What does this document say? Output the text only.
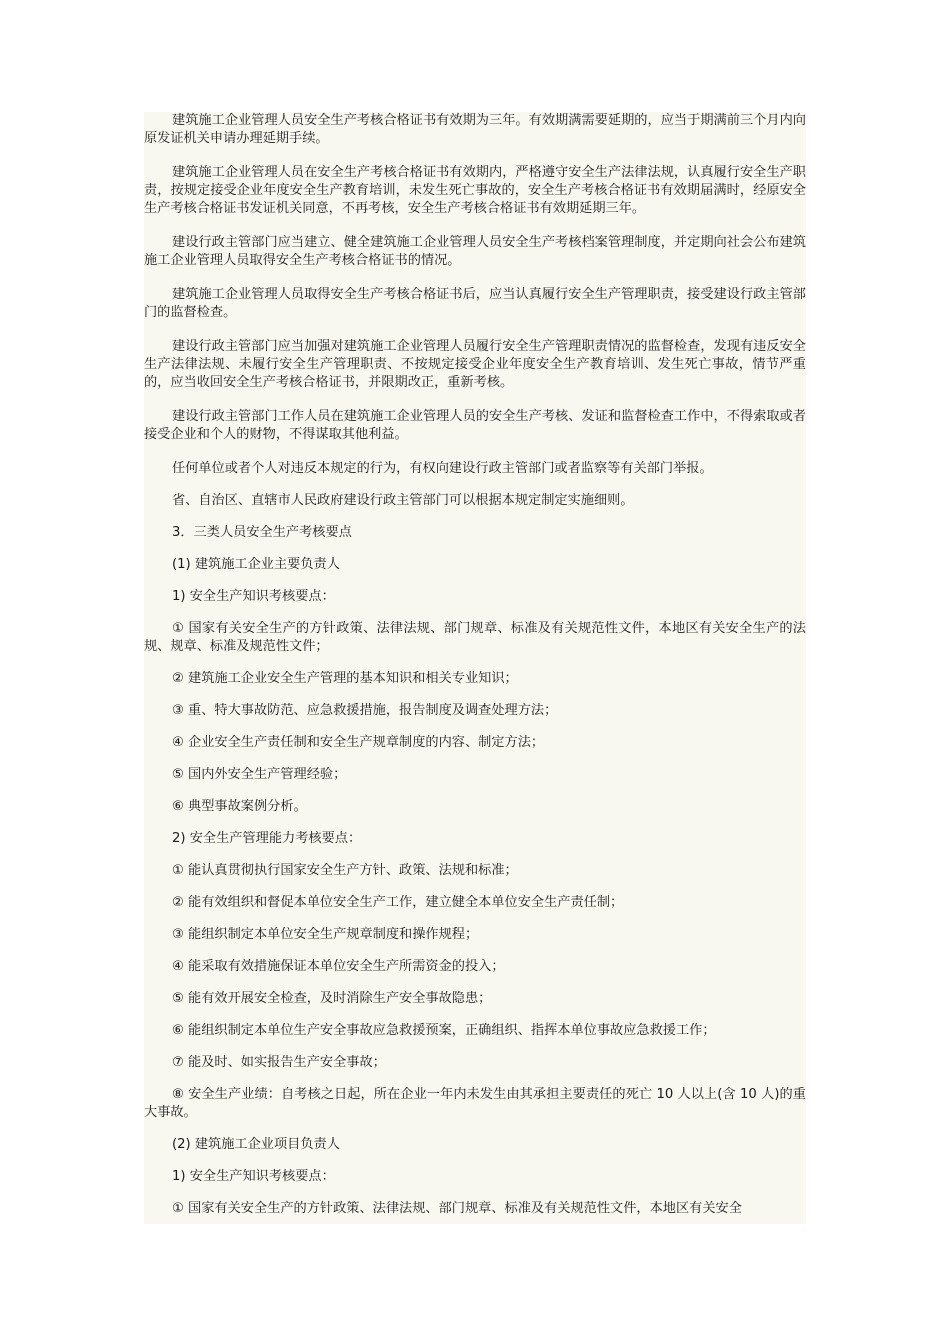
建筑施工企业管理人员安全生产考核合格证书有效期为三年。有效期满需要延期的，应当于期满前三个月内向原发证机关申请办理延期手续。

建筑施工企业管理人员在安全生产考核合格证书有效期内，严格遵守安全生产法律法规，认真履行安全生产职责，按规定接受企业年度安全生产教育培训，未发生死亡事故的，安全生产考核合格证书有效期届满时，经原安全生产考核合格证书发证机关同意，不再考核，安全生产考核合格证书有效期延期三年。

建设行政主管部门应当建立、健全建筑施工企业管理人员安全生产考核档案管理制度，并定期向社会公布建筑施工企业管理人员取得安全生产考核合格证书的情况。

建筑施工企业管理人员取得安全生产考核合格证书后，应当认真履行安全生产管理职责，接受建设行政主管部门的监督检查。

建设行政主管部门应当加强对建筑施工企业管理人员履行安全生产管理职责情况的监督检查，发现有违反安全生产法律法规、未履行安全生产管理职责、不按规定接受企业年度安全生产教育培训、发生死亡事故，情节严重的，应当收回安全生产考核合格证书，并限期改正，重新考核。

建设行政主管部门工作人员在建筑施工企业管理人员的安全生产考核、发证和监督检查工作中，不得索取或者接受企业和个人的财物，不得谋取其他利益。

任何单位或者个人对违反本规定的行为，有权向建设行政主管部门或者监察等有关部门举报。

省、自治区、直辖市人民政府建设行政主管部门可以根据本规定制定实施细则。

3．三类人员安全生产考核要点

(1) 建筑施工企业主要负责人

1) 安全生产知识考核要点：

① 国家有关安全生产的方针政策、法律法规、部门规章、标准及有关规范性文件，本地区有关安全生产的法规、规章、标准及规范性文件；

② 建筑施工企业安全生产管理的基本知识和相关专业知识；

③ 重、特大事故防范、应急救援措施，报告制度及调查处理方法；

④ 企业安全生产责任制和安全生产规章制度的内容、制定方法；

⑤ 国内外安全生产管理经验；

⑥ 典型事故案例分析。

2) 安全生产管理能力考核要点：

① 能认真贯彻执行国家安全生产方针、政策、法规和标准；

② 能有效组织和督促本单位安全生产工作，建立健全本单位安全生产责任制；

③ 能组织制定本单位安全生产规章制度和操作规程；

④ 能采取有效措施保证本单位安全生产所需资金的投入；

⑤ 能有效开展安全检查，及时消除生产安全事故隐患；

⑥ 能组织制定本单位生产安全事故应急救援预案，正确组织、指挥本单位事故应急救援工作；

⑦ 能及时、如实报告生产安全事故；

⑧ 安全生产业绩：自考核之日起，所在企业一年内未发生由其承担主要责任的死亡 10 人以上(含 10 人)的重大事故。

(2) 建筑施工企业项目负责人

1) 安全生产知识考核要点：

① 国家有关安全生产的方针政策、法律法规、部门规章、标准及有关规范性文件，本地区有关安全
